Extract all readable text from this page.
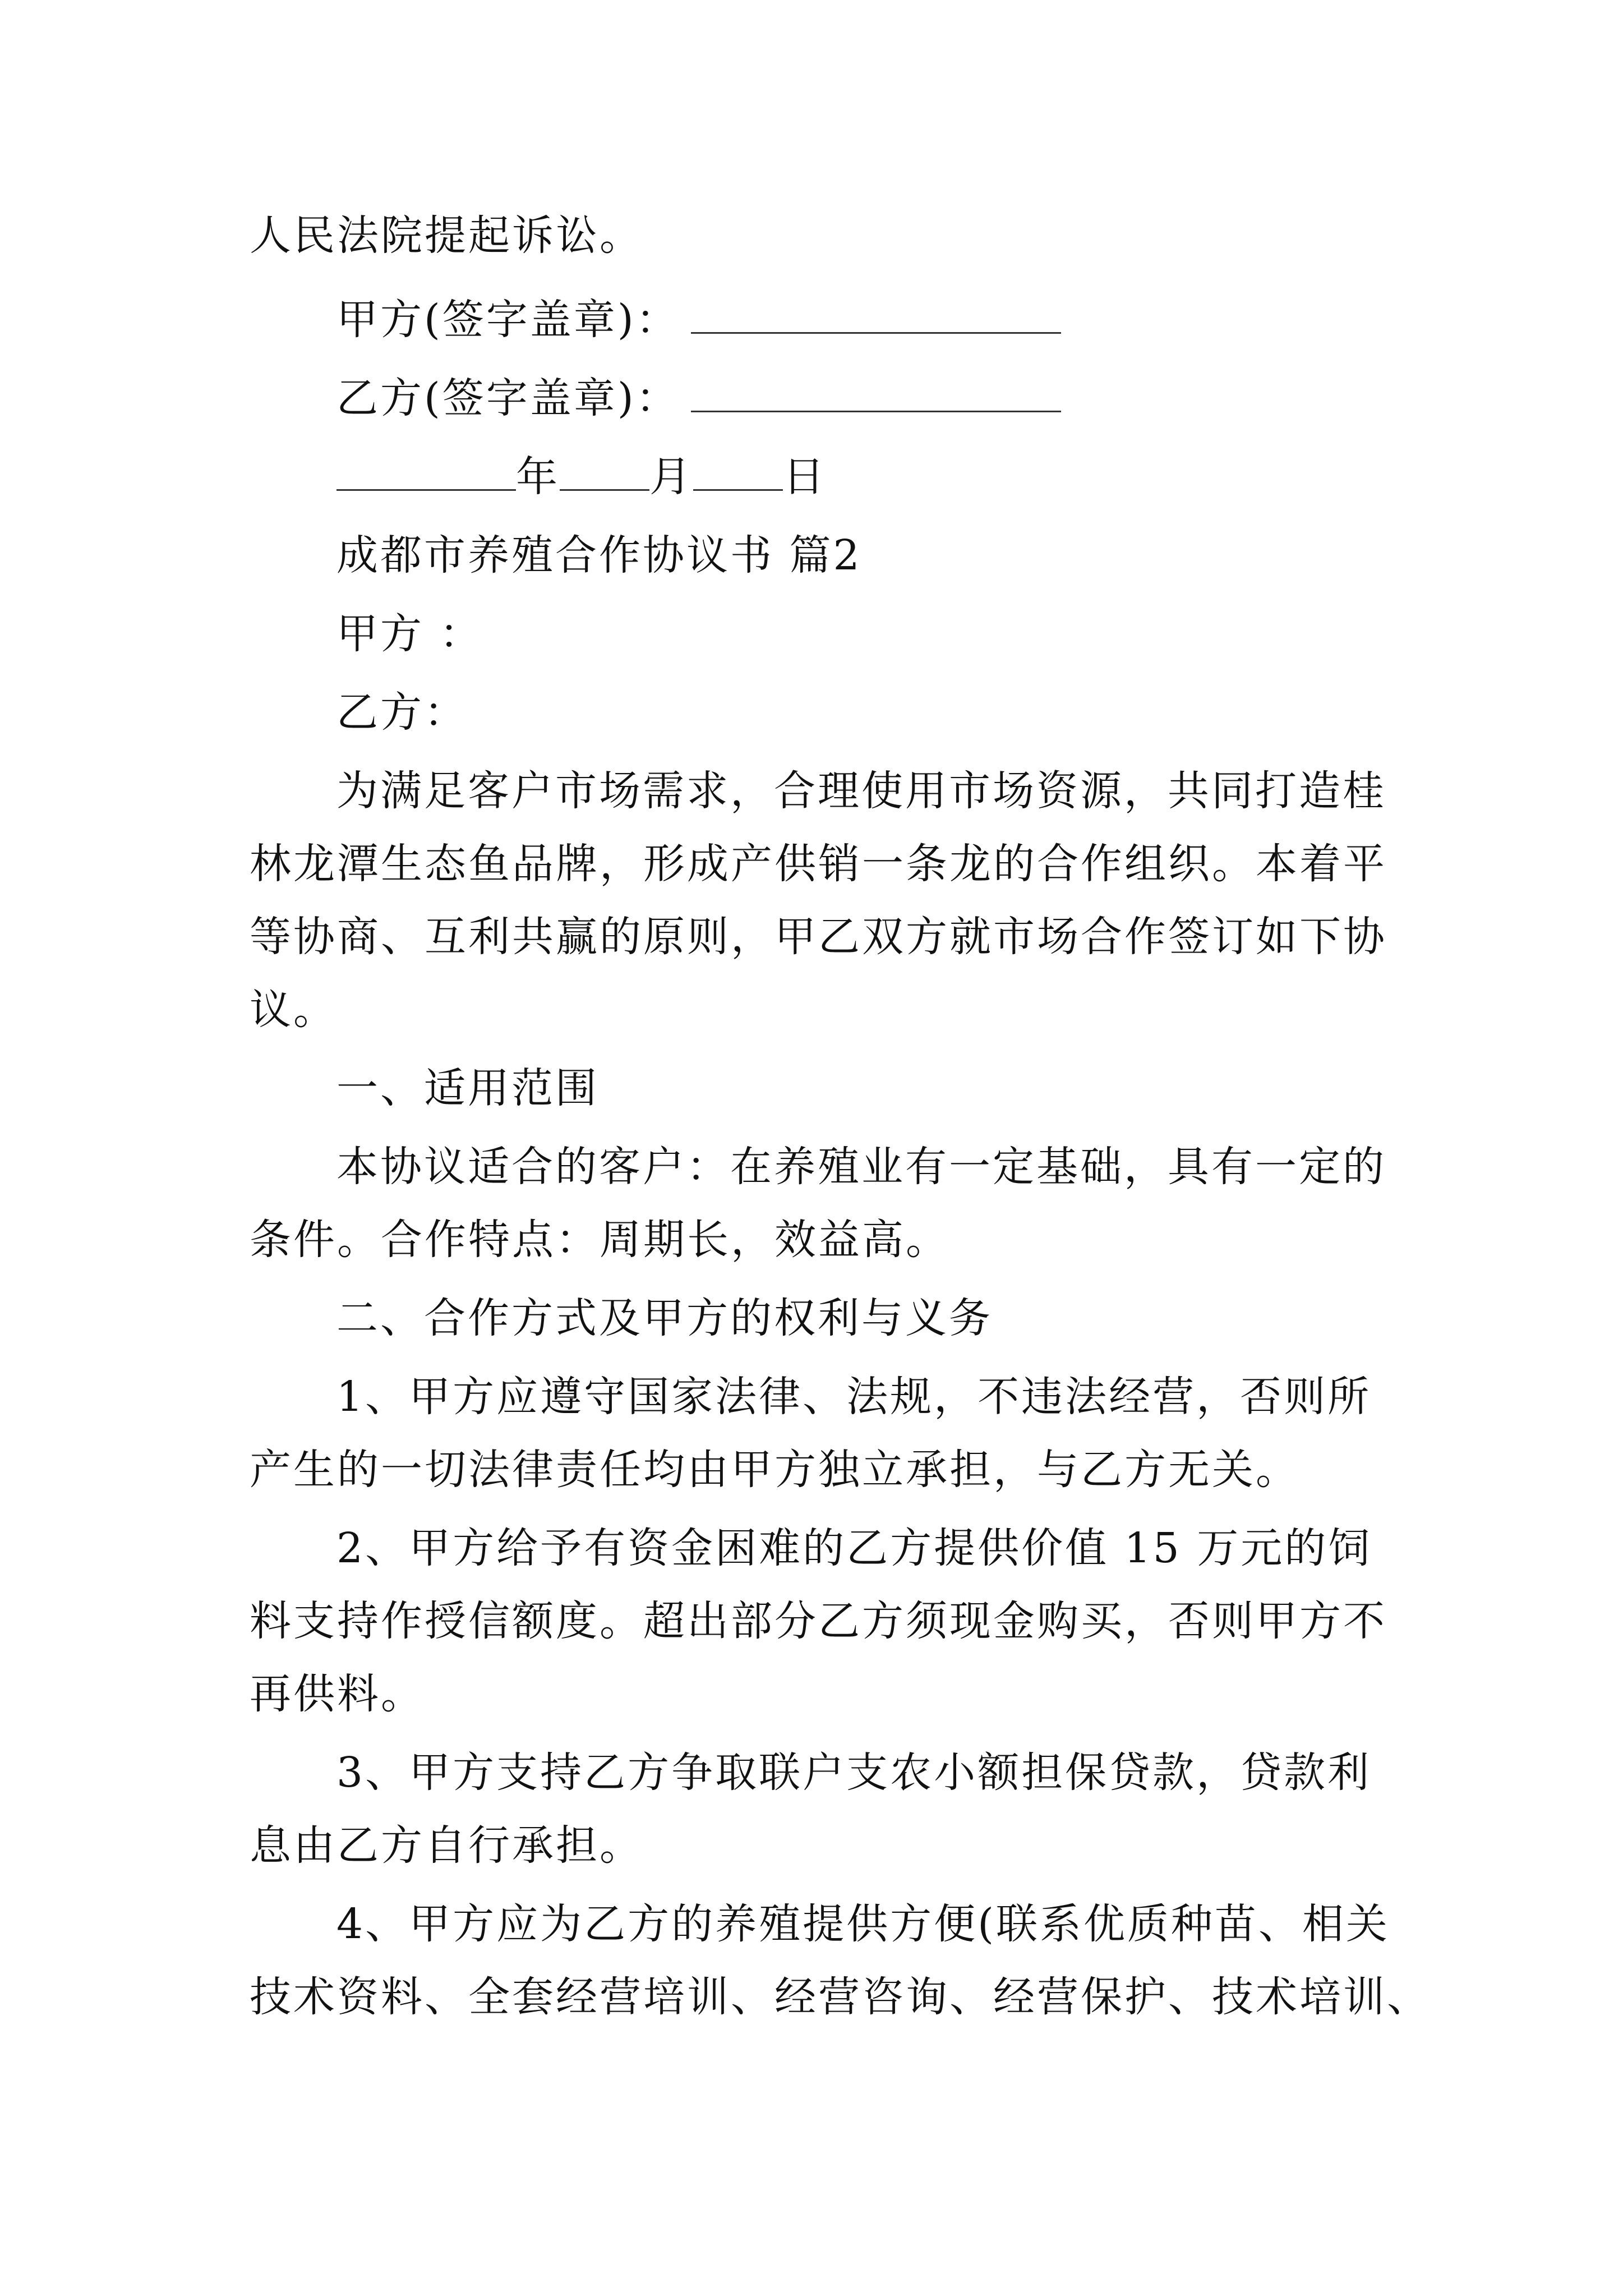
人民法院提起诉讼。
甲方(签字盖章)：
乙方(签字盖章)：
年 月 日
成都市养殖合作协议书 篇2
甲方 ：
乙方：
为满足客户市场需求，合理使用市场资源，共同打造桂
林龙潭生态鱼品牌，形成产供销一条龙的合作组织。本着平
等协商、互利共赢的原则，甲乙双方就市场合作签订如下协
议。
一、适用范围
本协议适合的客户：在养殖业有一定基础，具有一定的
条件。合作特点：周期长，效益高。
二、合作方式及甲方的权利与义务
1、甲方应遵守国家法律、法规，不违法经营，否则所
产生的一切法律责任均由甲方独立承担，与乙方无关。
2、甲方给予有资金困难的乙方提供价值 15 万元的饲
料支持作授信额度。超出部分乙方须现金购买，否则甲方不
再供料。
3、甲方支持乙方争取联户支农小额担保贷款，贷款利
息由乙方自行承担。
4、甲方应为乙方的养殖提供方便(联系优质种苗、相关
技术资料、全套经营培训、经营咨询、经营保护、技术培训、
